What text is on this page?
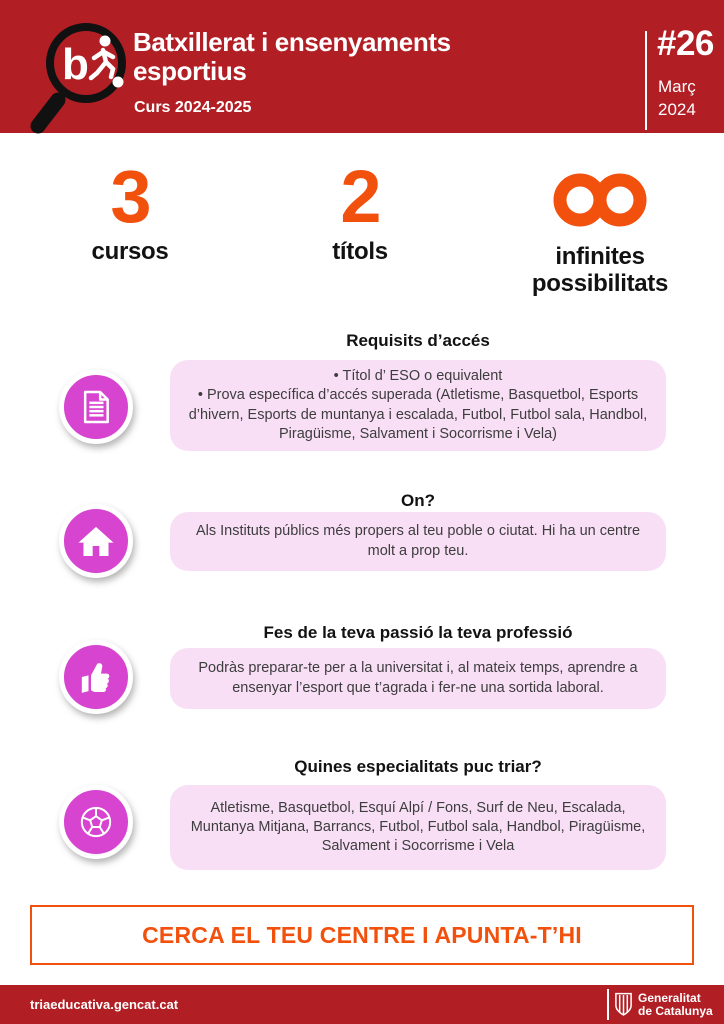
b Batxillerat i ensenyaments esportius
Curs 2024-2025
#26
Març
2024
3
cursos
2
títols	infinites possibilitats
Requisits d’accés
• Títol d’ ESO o equivalent
• Prova específica d’accés superada (Atletisme, Basquetbol, Esports d’hivern, Esports de muntanya i escalada, Futbol, Futbol sala, Handbol, Piragüisme, Salvament i Socorrisme i Vela)
On?
Als Instituts públics més propers al teu poble o ciutat. Hi ha un centre molt a prop teu.
Fes de la teva passió la teva professió
Podràs preparar-te per a la universitat i, al mateix temps, aprendre a ensenyar l’esport que t’agrada i fer-ne una sortida laboral.
Quines especialitats puc triar?
Atletisme, Basquetbol, Esquí Alpí / Fons, Surf de Neu, Escalada, Muntanya Mitjana, Barrancs, Futbol, Futbol sala, Handbol, Piragüisme, Salvament i Socorrisme i Vela
CERCA EL TEU CENTRE I APUNTA-T’HI
triaeducativa.gencat.cat	Generalitat
de Catalunya
